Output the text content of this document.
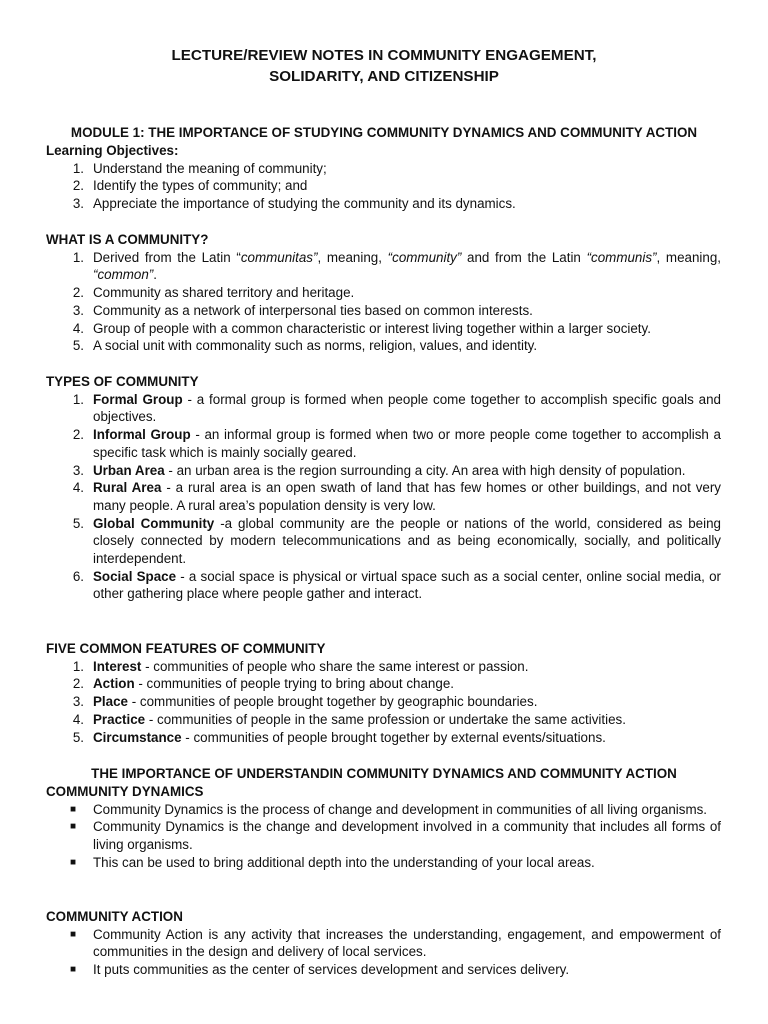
LECTURE/REVIEW NOTES IN COMMUNITY ENGAGEMENT,
SOLIDARITY, AND CITIZENSHIP
MODULE 1: THE IMPORTANCE OF STUDYING COMMUNITY DYNAMICS AND COMMUNITY ACTION
Learning Objectives:
1. Understand the meaning of community;
2. Identify the types of community; and
3. Appreciate the importance of studying the community and its dynamics.
WHAT IS A COMMUNITY?
1. Derived from the Latin “communitas”, meaning, “community” and from the Latin “communis”, meaning, “common”.
2. Community as shared territory and heritage.
3. Community as a network of interpersonal ties based on common interests.
4. Group of people with a common characteristic or interest living together within a larger society.
5. A social unit with commonality such as norms, religion, values, and identity.
TYPES OF COMMUNITY
1. Formal Group - a formal group is formed when people come together to accomplish specific goals and objectives.
2. Informal Group - an informal group is formed when two or more people come together to accomplish a specific task which is mainly socially geared.
3. Urban Area - an urban area is the region surrounding a city. An area with high density of population.
4. Rural Area - a rural area is an open swath of land that has few homes or other buildings, and not very many people. A rural area’s population density is very low.
5. Global Community -a global community are the people or nations of the world, considered as being closely connected by modern telecommunications and as being economically, socially, and politically interdependent.
6. Social Space - a social space is physical or virtual space such as a social center, online social media, or other gathering place where people gather and interact.
FIVE COMMON FEATURES OF COMMUNITY
1. Interest - communities of people who share the same interest or passion.
2. Action - communities of people trying to bring about change.
3. Place - communities of people brought together by geographic boundaries.
4. Practice - communities of people in the same profession or undertake the same activities.
5. Circumstance - communities of people brought together by external events/situations.
THE IMPORTANCE OF UNDERSTANDIN COMMUNITY DYNAMICS AND COMMUNITY ACTION
COMMUNITY DYNAMICS
■ Community Dynamics is the process of change and development in communities of all living organisms.
■ Community Dynamics is the change and development involved in a community that includes all forms of living organisms.
■ This can be used to bring additional depth into the understanding of your local areas.
COMMUNITY ACTION
■ Community Action is any activity that increases the understanding, engagement, and empowerment of communities in the design and delivery of local services.
■ It puts communities as the center of services development and services delivery.
